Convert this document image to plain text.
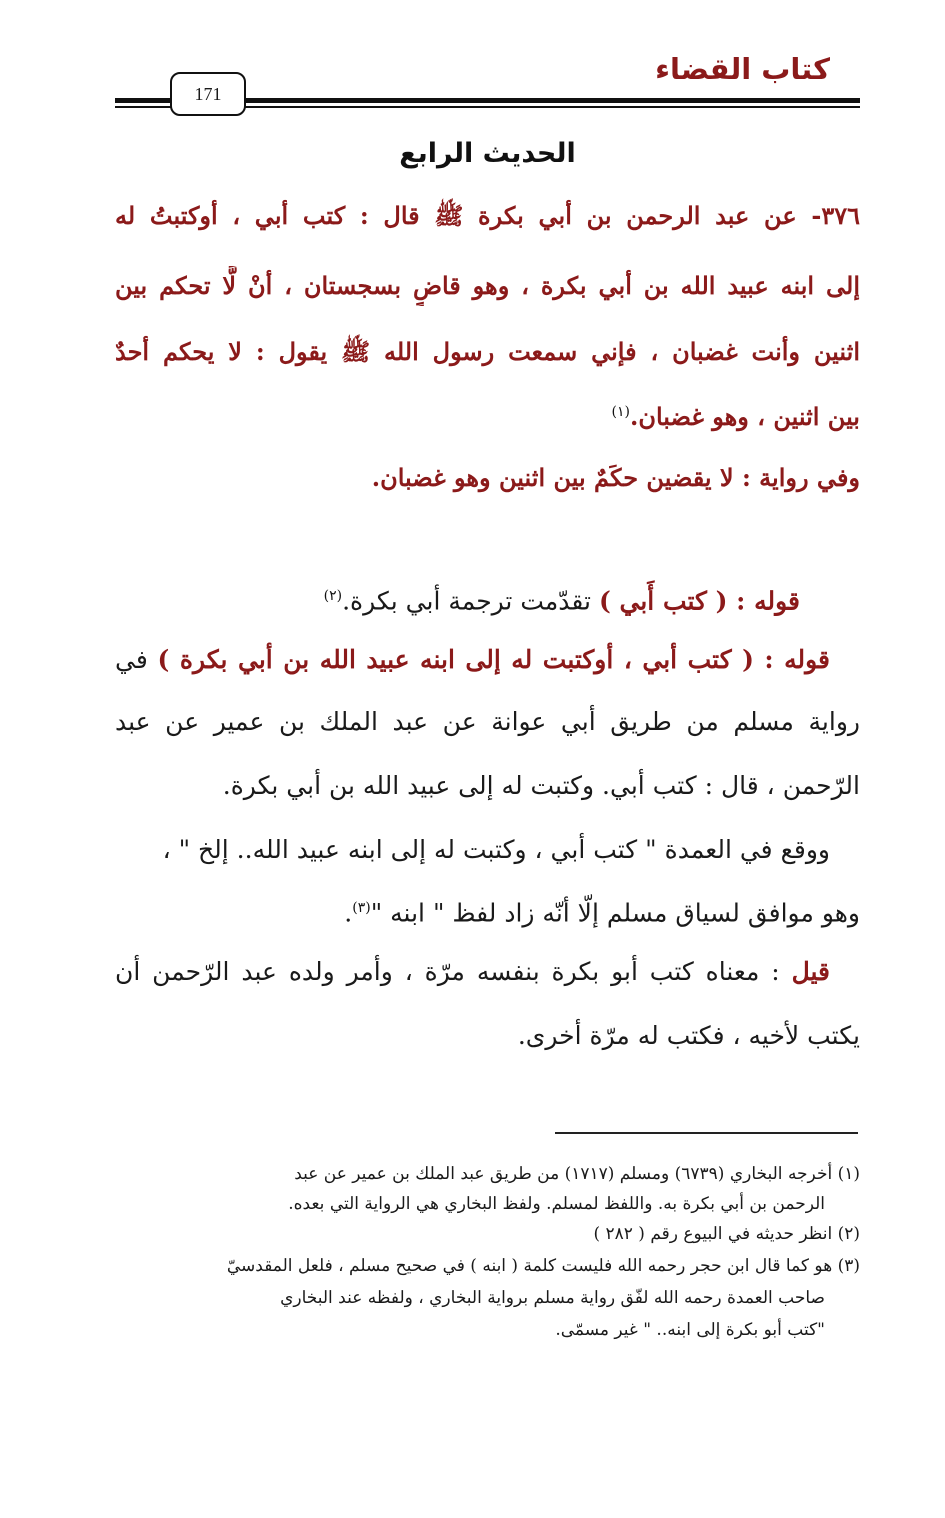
كتاب القضاء
171
الحديث الرابع
٣٧٦- عن عبد الرحمن بن أبي بكرة ﷺ قال : كتب أبي ، أوكتبتُ له
إلى ابنه عبيد الله بن أبي بكرة ، وهو قاضٍ بسجستان ، أنْ لَّا تحكم بين
اثنين وأنت غضبان ، فإني سمعت رسول الله ﷺ يقول : لا يحكم أحدٌ
بين اثنين ، وهو غضبان.$^{(١)}$
وفي رواية : لا يقضين حكَمٌ بين اثنين وهو غضبان.
قوله : ( كتب أَبي ) تقدّمت ترجمة أبي بكرة.$^{(٢)}$
قوله : ( كتب أبي ، أوكتبت له إلى ابنه عبيد الله بن أبي بكرة ) في
رواية مسلم من طريق أبي عوانة عن عبد الملك بن عمير عن عبد
الرّحمن ، قال : كتب أبي. وكتبت له إلى عبيد الله بن أبي بكرة.
ووقع في العمدة " كتب أبي ، وكتبت له إلى ابنه عبيد الله.. إلخ " ،
وهو موافق لسياق مسلم إلّا أنّه زاد لفظ " ابنه "$^{(٣)}$.
قيل : معناه كتب أبو بكرة بنفسه مرّة ، وأمر ولده عبد الرّحمن أن
يكتب لأخيه ، فكتب له مرّة أخرى.
(١) أخرجه البخاري (٦٧٣٩) ومسلم (١٧١٧) من طريق عبد الملك بن عمير عن عبد
الرحمن بن أبي بكرة به. واللفظ لمسلم. ولفظ البخاري هي الرواية التي بعده.
(٢) انظر حديثه في البيوع رقم ( ٢٨٢ )
(٣) هو كما قال ابن حجر رحمه الله فليست كلمة ( ابنه ) في صحيح مسلم ، فلعل المقدسيّ
صاحب العمدة رحمه الله لفّق رواية مسلم برواية البخاري ، ولفظه عند البخاري
"كتب أبو بكرة إلى ابنه.. " غير مسمّى.
